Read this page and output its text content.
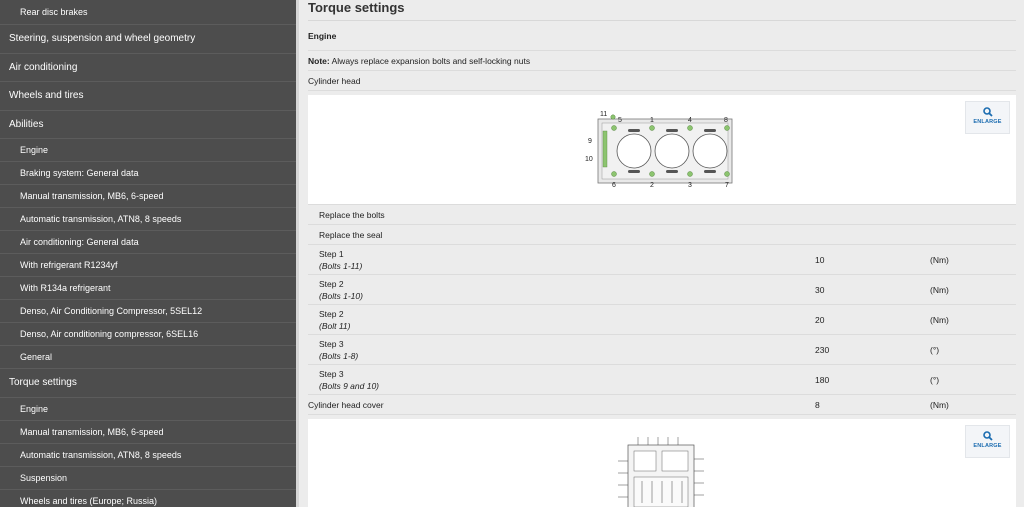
Rear disc brakes
Steering, suspension and wheel geometry
Air conditioning
Wheels and tires
Abilities
Engine
Braking system: General data
Manual transmission, MB6, 6-speed
Automatic transmission, ATN8, 8 speeds
Air conditioning: General data
With refrigerant R1234yf
With R134a refrigerant
Denso, Air Conditioning Compressor, 5SEL12
Denso, Air conditioning compressor, 6SEL16
General
Torque settings
Engine
Manual transmission, MB6, 6-speed
Automatic transmission, ATN8, 8 speeds
Suspension
Wheels and tires (Europe; Russia)
Torque settings
Engine
Note: Always replace expansion bolts and self-locking nuts
Cylinder head
11
5	1	4	8
9
10
6	2	3	7
ENLARGE
Replace the bolts
Replace the seal
Step 1
(Bolts 1-11)
10	(Nm)
Step 2
(Bolts 1-10)
30	(Nm)
Step 2
(Bolt 11)
20	(Nm)
Step 3
(Bolts 1-8)
230	(°)
Step 3
(Bolts 9 and 10)
180	(°)
Cylinder head cover	8	(Nm)
ENLARGE
